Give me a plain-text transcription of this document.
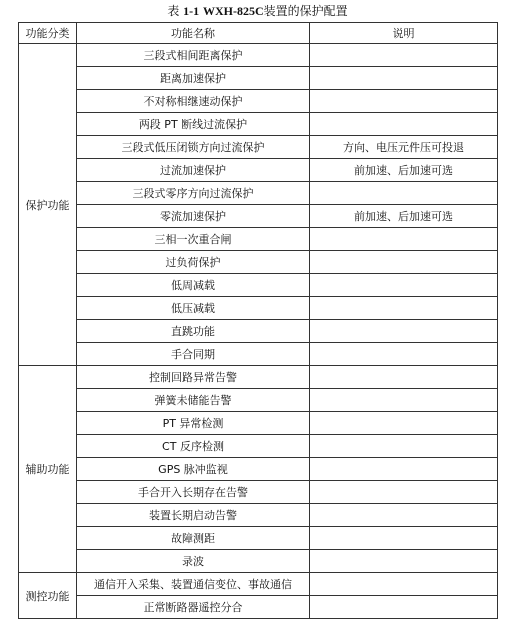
表 1-1 WXH-825C装置的保护配置
功能分类	功能名称	说明
保护功能	三段式相间距离保护	
	距离加速保护	
	不对称相继速动保护	
	两段 PT 断线过流保护	
	三段式低压闭锁方向过流保护	方向、电压元件压可投退
	过流加速保护	前加速、后加速可选
	三段式零序方向过流保护	
	零流加速保护	前加速、后加速可选
	三相一次重合闸	
	过负荷保护	
	低周减载	
	低压减载	
	直跳功能	
	手合同期	
辅助功能	控制回路异常告警	
	弹簧未储能告警	
	PT 异常检测	
	CT 反序检测	
	GPS 脉冲监视	
	手合开入长期存在告警	
	装置长期启动告警	
	故障测距	
	录波	
测控功能	通信开入采集、装置通信变位、事故通信	
	正常断路器遥控分合	
